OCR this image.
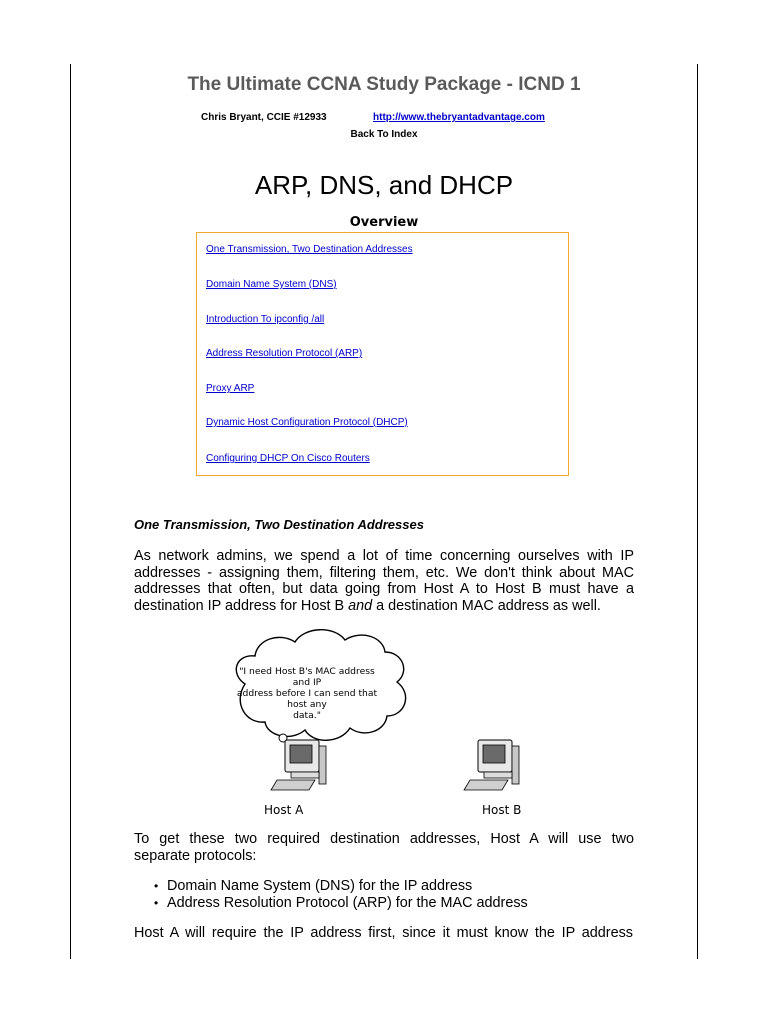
The Ultimate CCNA Study Package - ICND 1
Chris Bryant, CCIE #12933	http://www.thebryantadvantage.com
Back To Index
ARP, DNS, and DHCP
Overview
One Transmission, Two Destination Addresses
Domain Name System (DNS)
Introduction To ipconfig /all
Address Resolution Protocol (ARP)
Proxy ARP
Dynamic Host Configuration Protocol (DHCP)
Configuring DHCP On Cisco Routers
One Transmission, Two Destination Addresses
As network admins, we spend a lot of time concerning ourselves with IP
addresses - assigning them, filtering them, etc. We don't think about MAC
addresses that often, but data going from Host A to Host B must have a
destination IP address for Host B and a destination MAC address as well.
"I need Host B's MAC address and IP
address before I can send that host any
data."
Host A	Host B
To get these two required destination addresses, Host A will use two
separate protocols:
• Domain Name System (DNS) for the IP address
• Address Resolution Protocol (ARP) for the MAC address
Host A will require the IP address first, since it must know the IP address
